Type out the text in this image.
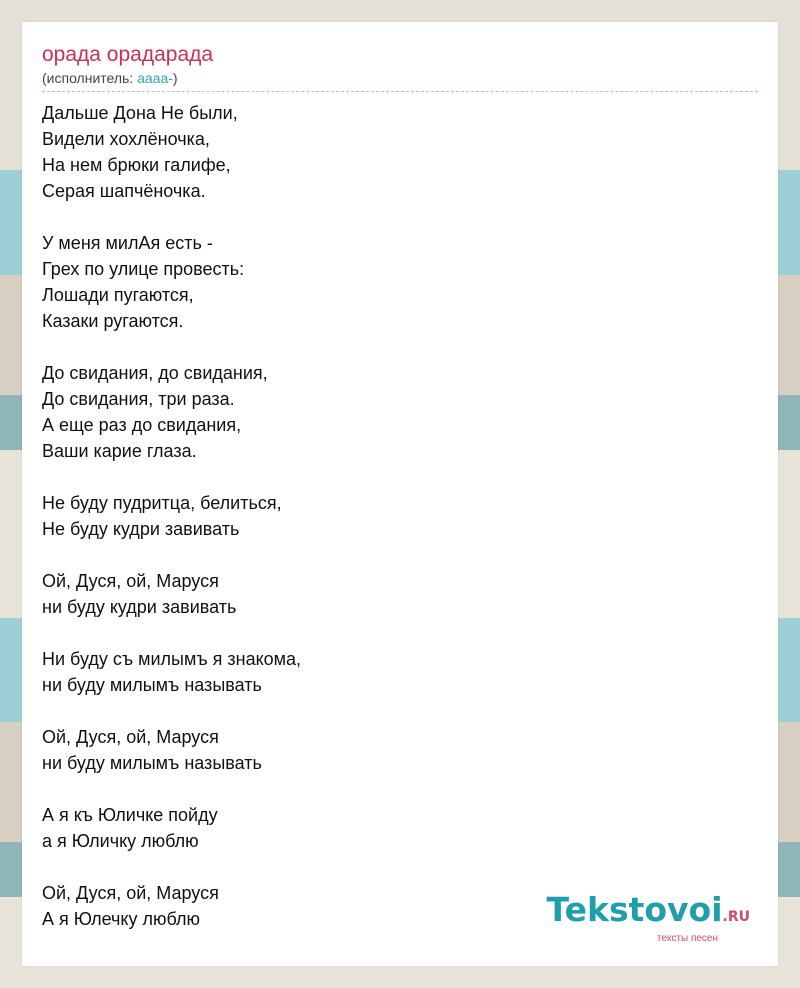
орада орадарада
(исполнитель: аааа-)
Дальше Дона Не были,
Видели хохлёночка,
На нем брюки галифе,
Серая шапчёночка.
У меня милАя есть -
Грех по улице провесть:
Лошади пугаются,
Казаки ругаются.
До свидания, до свидания,
До свидания, три раза.
А еще раз до свидания,
Ваши карие глаза.
Не буду пудритца, белиться,
Не буду кудри завивать
Ой, Дуся, ой, Маруся
ни буду кудри завивать
Ни буду съ милымъ я знакома,
ни буду милымъ называть
Ой, Дуся, ой, Маруся
ни буду милымъ называть
А я къ Юличке пойду
а я Юличку люблю
Ой, Дуся, ой, Маруся
А я Юлечку люблю	Tekstovoi.RU
тексты песен
